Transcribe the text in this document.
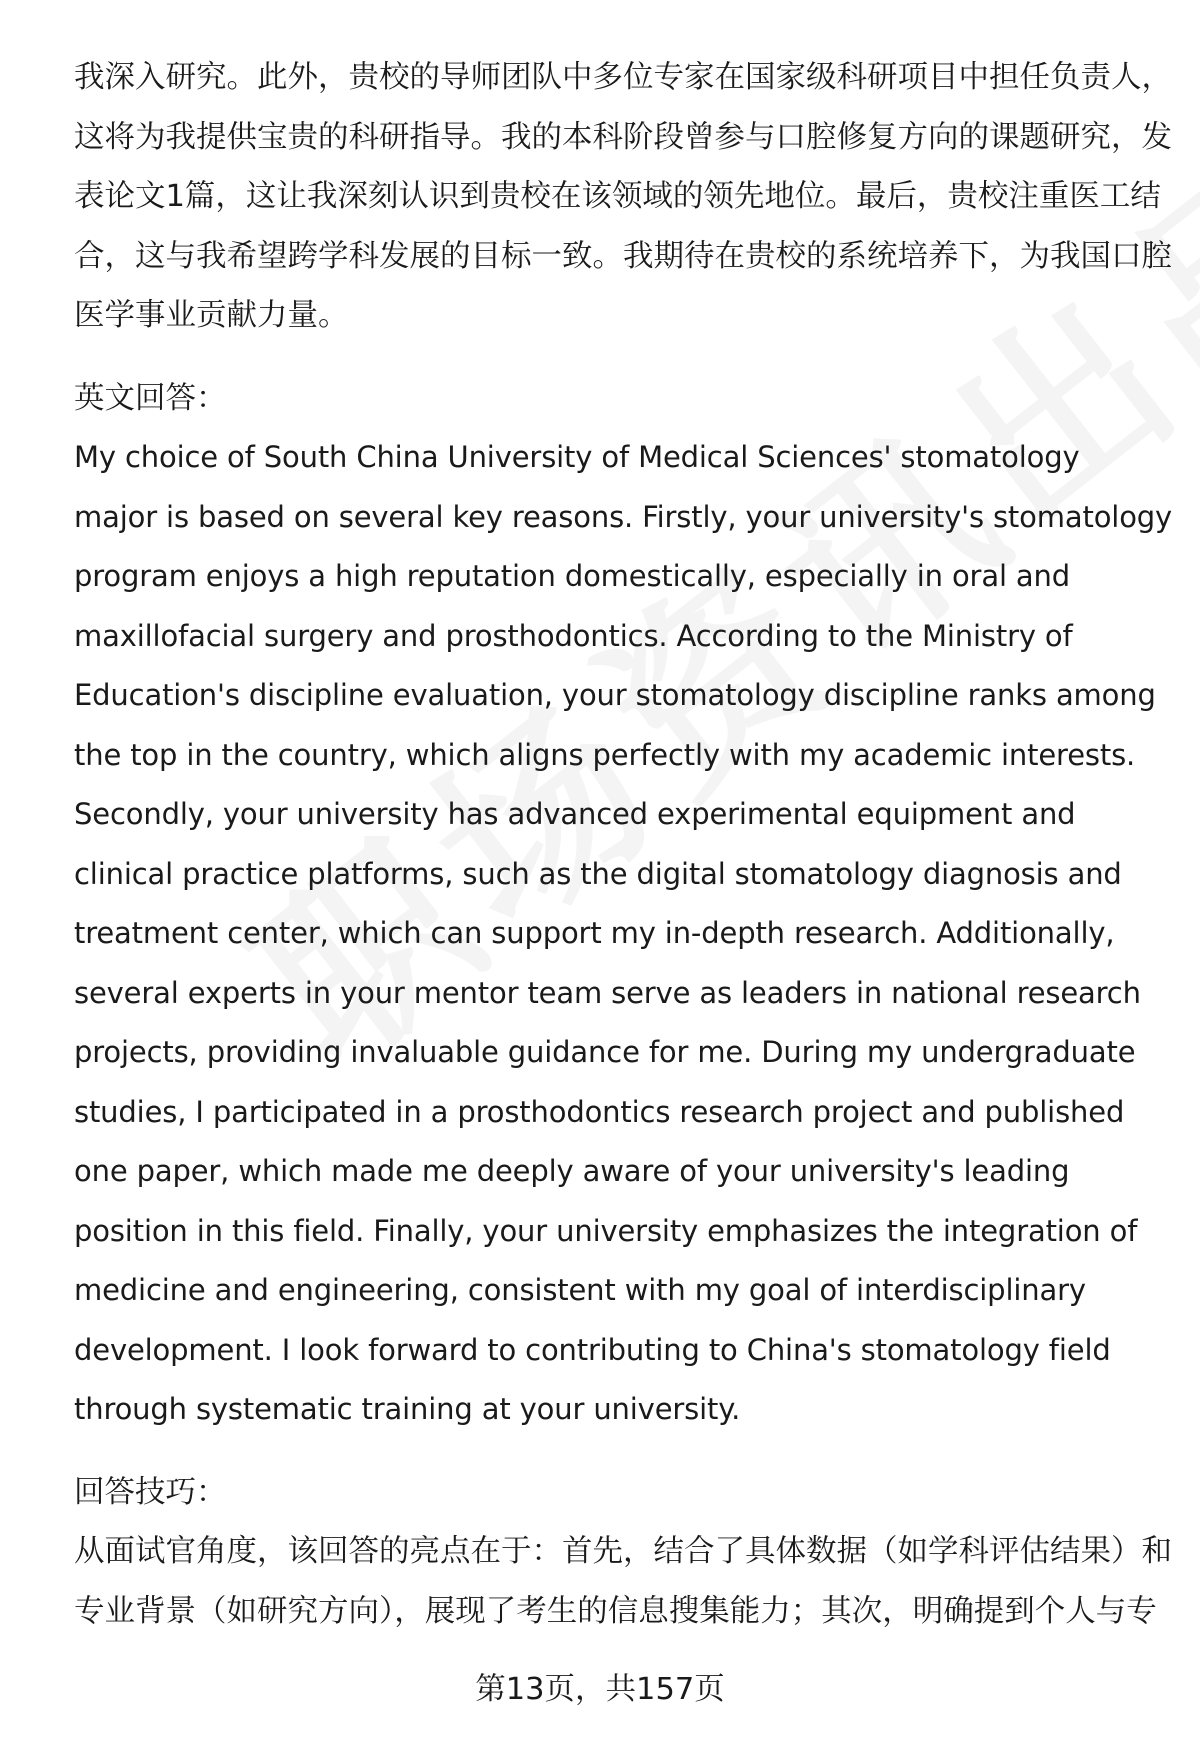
我深入研究。此外，贵校的导师团队中多位专家在国家级科研项目中担任负责人，
这将为我提供宝贵的科研指导。我的本科阶段曾参与口腔修复方向的课题研究，发
表论文1篇，这让我深刻认识到贵校在该领域的领先地位。最后，贵校注重医工结
合，这与我希望跨学科发展的目标一致。我期待在贵校的系统培养下，为我国口腔
医学事业贡献力量。

英文回答：

My choice of South China University of Medical Sciences' stomatology
major is based on several key reasons. Firstly, your university's stomatology
program enjoys a high reputation domestically, especially in oral and
maxillofacial surgery and prosthodontics. According to the Ministry of
Education's discipline evaluation, your stomatology discipline ranks among
the top in the country, which aligns perfectly with my academic interests.
Secondly, your university has advanced experimental equipment and
clinical practice platforms, such as the digital stomatology diagnosis and
treatment center, which can support my in-depth research. Additionally,
several experts in your mentor team serve as leaders in national research
projects, providing invaluable guidance for me. During my undergraduate
studies, I participated in a prosthodontics research project and published
one paper, which made me deeply aware of your university's leading
position in this field. Finally, your university emphasizes the integration of
medicine and engineering, consistent with my goal of interdisciplinary
development. I look forward to contributing to China's stomatology field
through systematic training at your university.

回答技巧：

从面试官角度，该回答的亮点在于：首先，结合了具体数据（如学科评估结果）和
专业背景（如研究方向），展现了考生的信息搜集能力；其次，明确提到个人与专

第13页，共157页
